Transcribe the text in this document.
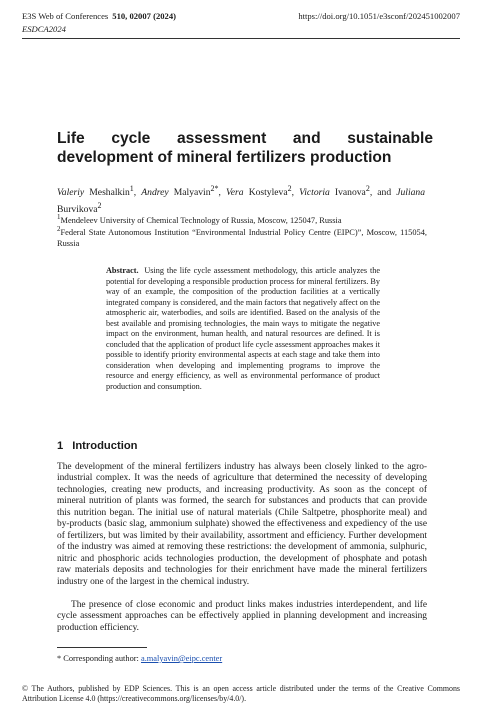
E3S Web of Conferences 510, 02007 (2024)	https://doi.org/10.1051/e3sconf/202451002007
ESDCA2024
Life cycle assessment and sustainable
development of mineral fertilizers production
Valeriy Meshalkin$^1$, Andrey Malyavin$^{2*}$, Vera Kostyleva$^2$, Victoria Ivanova$^2$, and Juliana Burvikova$^2$
$^1$Mendeleev University of Chemical Technology of Russia, Moscow, 125047, Russia
$^2$Federal State Autonomous Institution “Environmental Industrial Policy Centre (EIPC)”, Moscow, 115054, Russia

Abstract. Using the life cycle assessment methodology, this article analyzes the potential for developing a responsible production process for mineral fertilizers. By way of an example, the composition of the production facilities at a vertically integrated company is considered, and the main factors that negatively affect on the atmospheric air, waterbodies, and soils are identified. Based on the analysis of the best available and promising technologies, the main ways to mitigate the negative impact on the environment, human health, and natural resources are defined. It is concluded that the application of product life cycle assessment approaches makes it possible to identify priority environmental aspects at each stage and take them into consideration when developing and implementing programs to improve the resource and energy efficiency, as well as environmental performance of product production and consumption.

1 Introduction

The development of the mineral fertilizers industry has always been closely linked to the agro-industrial complex. It was the needs of agriculture that determined the necessity of developing technologies, creating new products, and increasing productivity. As soon as the concept of mineral nutrition of plants was formed, the search for substances and products that can provide this nutrition began. The initial use of natural materials (Chile Saltpetre, phosphorite meal) and by-products (basic slag, ammonium sulphate) showed the effectiveness and expediency of the use of fertilizers, but was limited by their availability, assortment and efficiency. Further development of the industry was aimed at removing these restrictions: the development of ammonia, sulphuric, nitric and phosphoric acids technologies production, the development of phosphate and potash raw materials deposits and technologies for their enrichment have made the mineral fertilizers industry one of the largest in the chemical industry.

The presence of close economic and product links makes industries interdependent, and life cycle assessment approaches can be effectively applied in planning development and increasing production efficiency.

* Corresponding author: a.malyavin@eipc.center
© The Authors, published by EDP Sciences. This is an open access article distributed under the terms of the Creative Commons Attribution License 4.0 (https://creativecommons.org/licenses/by/4.0/).
